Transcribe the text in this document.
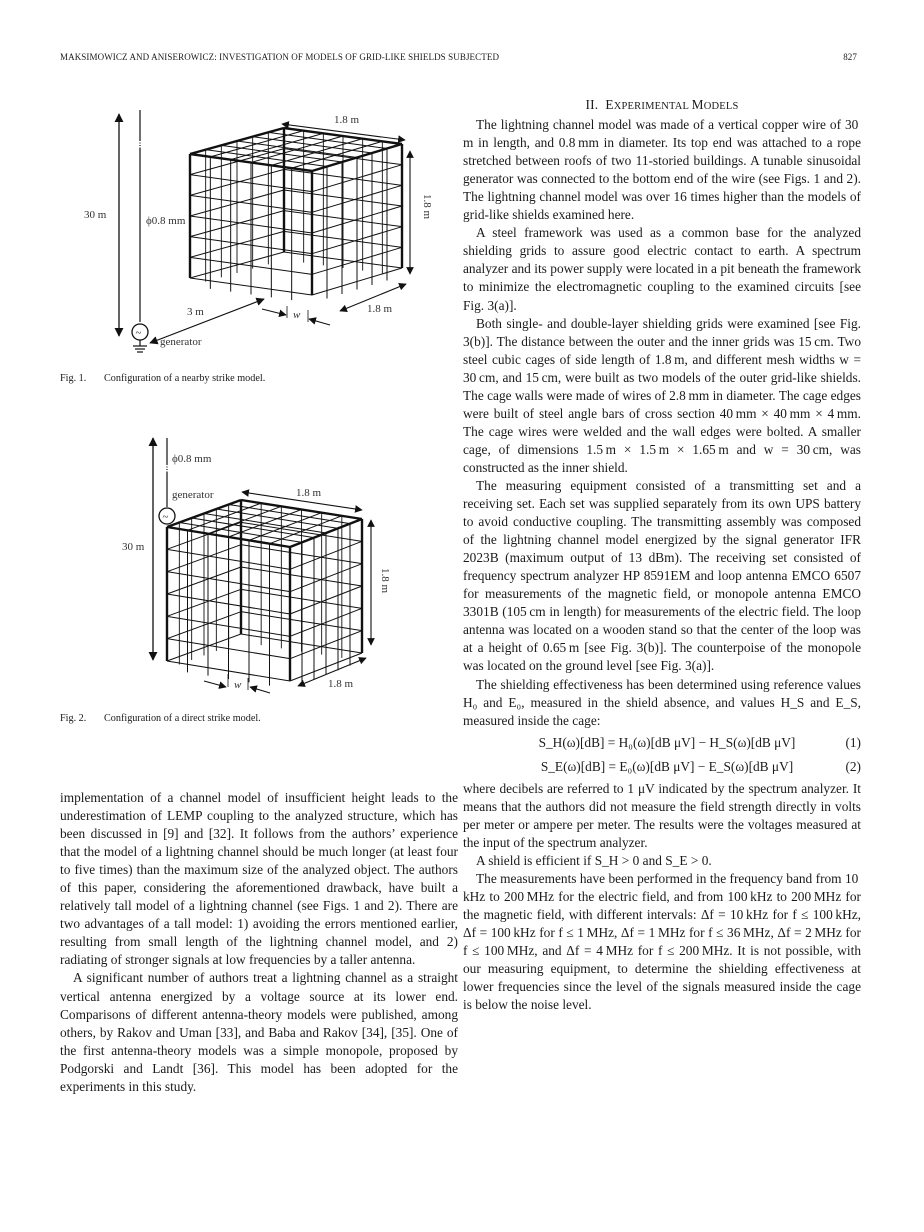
MAKSIMOWICZ AND ANISEROWICZ: INVESTIGATION OF MODELS OF GRID-LIKE SHIELDS SUBJECTED	827
30 m	ϕ0.8 mm
~
generator
3 m
1.8 m
1.8 m
1.8 m
w
Fig. 1. Configuration of a nearby strike model.
30 m
ϕ0.8 mm
generator
~
1.8 m
1.8 m
1.8 m
w
Fig. 2. Configuration of a direct strike model.

implementation of a channel model of insufficient height leads to the underestimation of LEMP coupling to the analyzed structure, which has been discussed in [9] and [32]. It follows from the authors’ experience that the model of a lightning channel should be much longer (at least four to five times) than the maximum size of the analyzed object. The authors of this paper, considering the aforementioned drawback, have built a relatively tall model of a lightning channel (see Figs. 1 and 2). There are two advantages of a tall model: 1) avoiding the errors mentioned earlier, resulting from small length of the lightning channel model, and 2) radiating of stronger signals at low frequencies by a taller antenna.

A significant number of authors treat a lightning channel as a straight vertical antenna energized by a voltage source at its lower end. Comparisons of different antenna-theory models were published, among others, by Rakov and Uman [33], and Baba and Rakov [34], [35]. One of the first antenna-theory models was a simple monopole, proposed by Podgorski and Landt [36]. This model has been adopted for the experiments in this study.

II. EXPERIMENTAL MODELS

The lightning channel model was made of a vertical copper wire of 30 m in length, and 0.8 mm in diameter. Its top end was attached to a rope stretched between roofs of two 11-storied buildings. A tunable sinusoidal generator was connected to the bottom end of the wire (see Figs. 1 and 2). The lightning channel model was over 16 times higher than the models of grid-like shields examined here.

A steel framework was used as a common base for the analyzed shielding grids to assure good electric contact to earth. A spectrum analyzer and its power supply were located in a pit beneath the framework to minimize the electromagnetic coupling to the examined circuits [see Fig. 3(a)].

Both single- and double-layer shielding grids were examined [see Fig. 3(b)]. The distance between the outer and the inner grids was 15 cm. Two steel cubic cages of side length of 1.8 m, and different mesh widths w = 30 cm, and 15 cm, were built as two models of the outer grid-like shields. The cage walls were made of wires of 2.8 mm in diameter. The cage edges were built of steel angle bars of cross section 40 mm × 40 mm × 4 mm. The cage wires were welded and the wall edges were bolted. A smaller cage, of dimensions 1.5 m × 1.5 m × 1.65 m and w = 30 cm, was constructed as the inner shield.

The measuring equipment consisted of a transmitting set and a receiving set. Each set was supplied separately from its own UPS battery to avoid conductive coupling. The transmitting assembly was composed of the lightning channel model energized by the signal generator IFR 2023B (maximum output of 13 dBm). The receiving set consisted of frequency spectrum analyzer HP 8591EM and loop antenna EMCO 6507 for measurements of the magnetic field, or monopole antenna EMCO 3301B (105 cm in length) for measurements of the electric field. The loop antenna was located on a wooden stand so that the center of the loop was at a height of 0.65 m [see Fig. 3(b)]. The counterpoise of the monopole was located on the ground level [see Fig. 3(a)].

The shielding effectiveness has been determined using reference values H₀ and E₀, measured in the shield absence, and values H_S and E_S, measured inside the cage:

S_H(ω)[dB] = H₀(ω)[dB μV] − H_S(ω)[dB μV]	(1)
S_E(ω)[dB] = E₀(ω)[dB μV] − E_S(ω)[dB μV]	(2)

where decibels are referred to 1 μV indicated by the spectrum analyzer. It means that the authors did not measure the field strength directly in volts per meter or ampere per meter. The results were the voltages measured at the input of the spectrum analyzer.

A shield is efficient if S_H > 0 and S_E > 0.

The measurements have been performed in the frequency band from 10 kHz to 200 MHz for the electric field, and from 100 kHz to 200 MHz for the magnetic field, with different intervals: Δf = 10 kHz for f ≤ 100 kHz, Δf = 100 kHz for f ≤ 1 MHz, Δf = 1 MHz for f ≤ 36 MHz, Δf = 2 MHz for f ≤ 100 MHz, and Δf = 4 MHz for f ≤ 200 MHz. It is not possible, with our measuring equipment, to determine the shielding effectiveness at lower frequencies since the level of the signals measured inside the cage is below the noise level.
